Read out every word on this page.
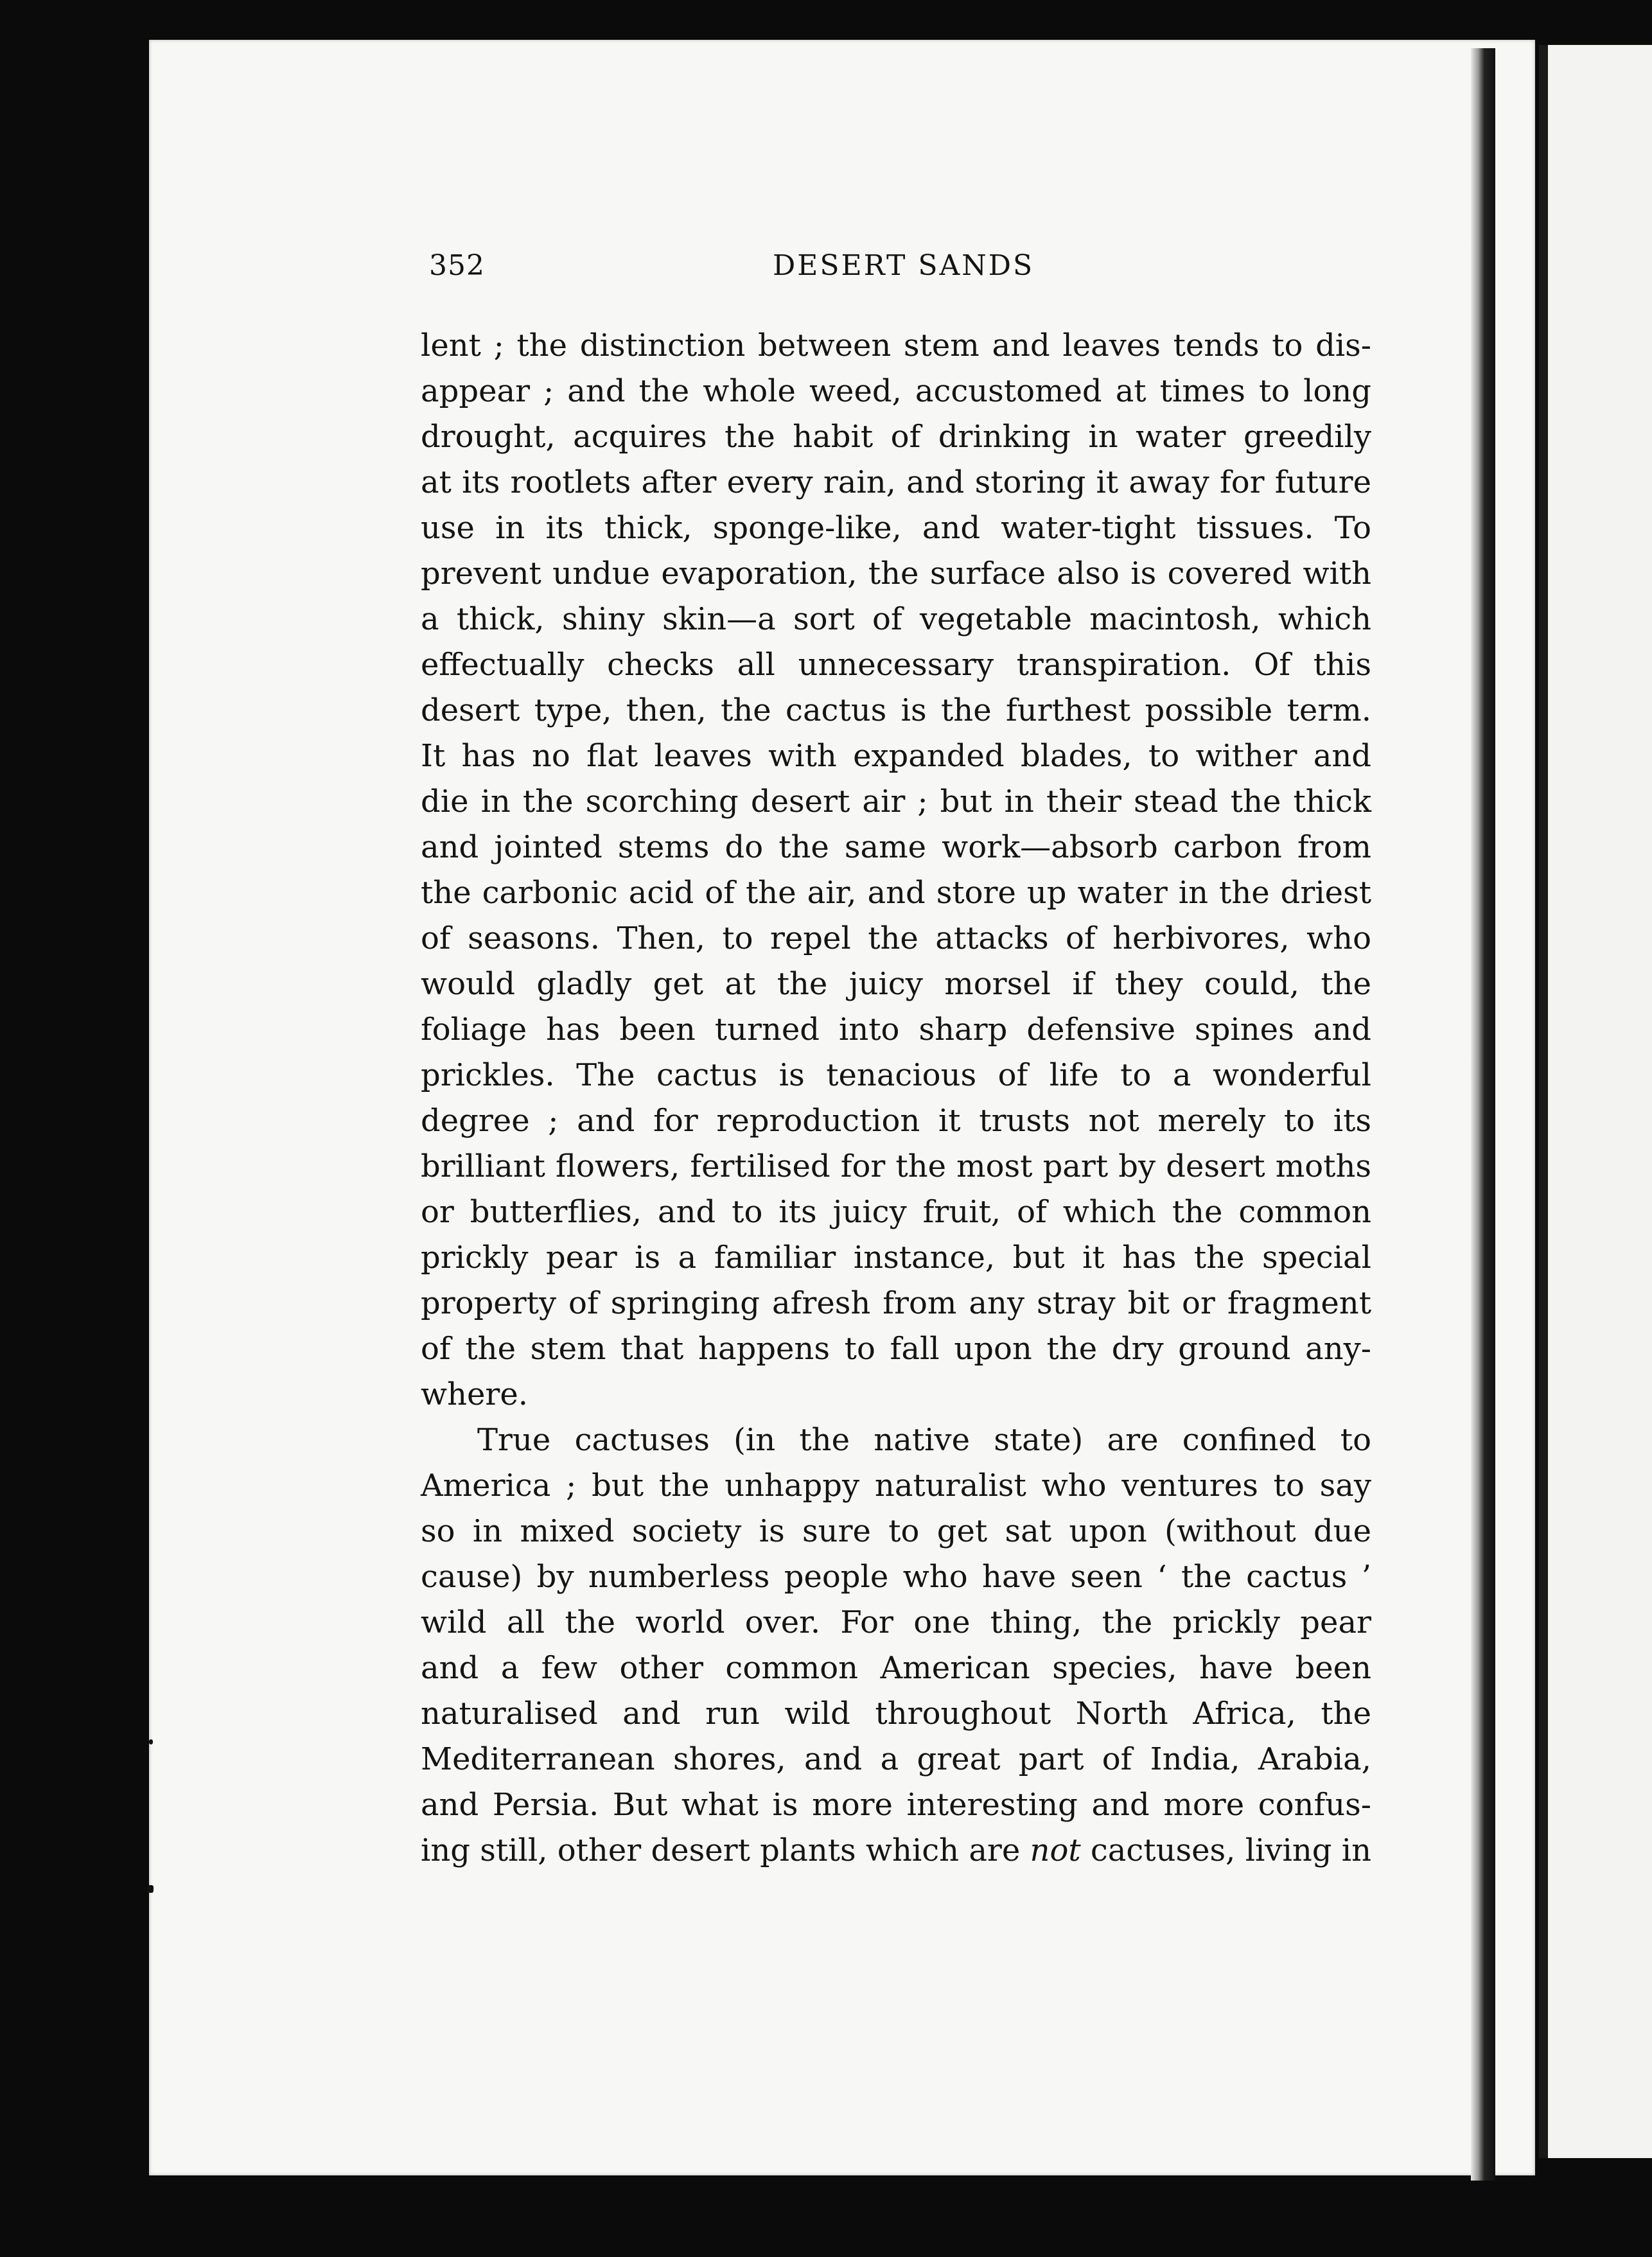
352	DESERT SANDS
lent ; the distinction between stem and leaves tends to dis-
appear ; and the whole weed, accustomed at times to long
drought, acquires the habit of drinking in water greedily
at its rootlets after every rain, and storing it away for future
use in its thick, sponge-like, and water-tight tissues. To
prevent undue evaporation, the surface also is covered with
a thick, shiny skin—a sort of vegetable macintosh, which
effectually checks all unnecessary transpiration. Of this
desert type, then, the cactus is the furthest possible term.
It has no flat leaves with expanded blades, to wither and
die in the scorching desert air ; but in their stead the thick
and jointed stems do the same work—absorb carbon from
the carbonic acid of the air, and store up water in the driest
of seasons. Then, to repel the attacks of herbivores, who
would gladly get at the juicy morsel if they could, the
foliage has been turned into sharp defensive spines and
prickles. The cactus is tenacious of life to a wonderful
degree ; and for reproduction it trusts not merely to its
brilliant flowers, fertilised for the most part by desert moths
or butterflies, and to its juicy fruit, of which the common
prickly pear is a familiar instance, but it has the special
property of springing afresh from any stray bit or fragment
of the stem that happens to fall upon the dry ground any-
where.
True cactuses (in the native state) are confined to
America ; but the unhappy naturalist who ventures to say
so in mixed society is sure to get sat upon (without due
cause) by numberless people who have seen ‘ the cactus ’
wild all the world over. For one thing, the prickly pear
and a few other common American species, have been
naturalised and run wild throughout North Africa, the
Mediterranean shores, and a great part of India, Arabia,
and Persia. But what is more interesting and more confus-
ing still, other desert plants which are not cactuses, living in
